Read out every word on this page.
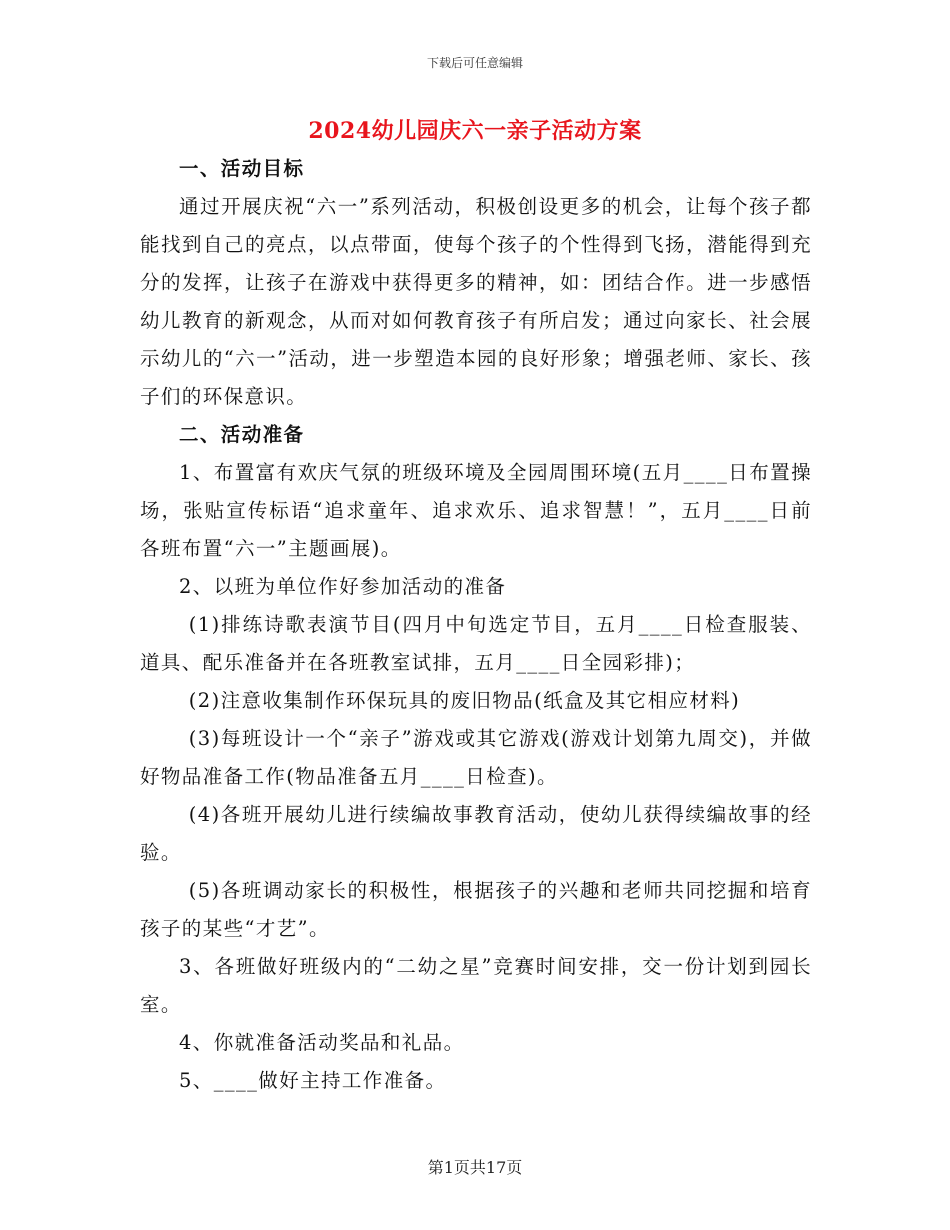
下载后可任意编辑
2024幼儿园庆六一亲子活动方案

一、活动目标

通过开展庆祝“六一”系列活动，积极创设更多的机会，让每个孩子都能找到自己的亮点，以点带面，使每个孩子的个性得到飞扬，潜能得到充分的发挥，让孩子在游戏中获得更多的精神，如：团结合作。进一步感悟幼儿教育的新观念，从而对如何教育孩子有所启发；通过向家长、社会展示幼儿的“六一”活动，进一步塑造本园的良好形象；增强老师、家长、孩子们的环保意识。

二、活动准备

1、布置富有欢庆气氛的班级环境及全园周围环境(五月____日布置操场，张贴宣传标语“追求童年、追求欢乐、追求智慧！”，五月____日前各班布置“六一”主题画展)。

2、以班为单位作好参加活动的准备

(1)排练诗歌表演节目(四月中旬选定节目，五月____日检查服装、道具、配乐准备并在各班教室试排，五月____日全园彩排)；

(2)注意收集制作环保玩具的废旧物品(纸盒及其它相应材料)

(3)每班设计一个“亲子”游戏或其它游戏(游戏计划第九周交)，并做好物品准备工作(物品准备五月____日检查)。

(4)各班开展幼儿进行续编故事教育活动，使幼儿获得续编故事的经验。

(5)各班调动家长的积极性，根据孩子的兴趣和老师共同挖掘和培育孩子的某些“才艺”。

3、各班做好班级内的“二幼之星”竞赛时间安排，交一份计划到园长室。

4、你就准备活动奖品和礼品。

5、____做好主持工作准备。

第1页共17页
